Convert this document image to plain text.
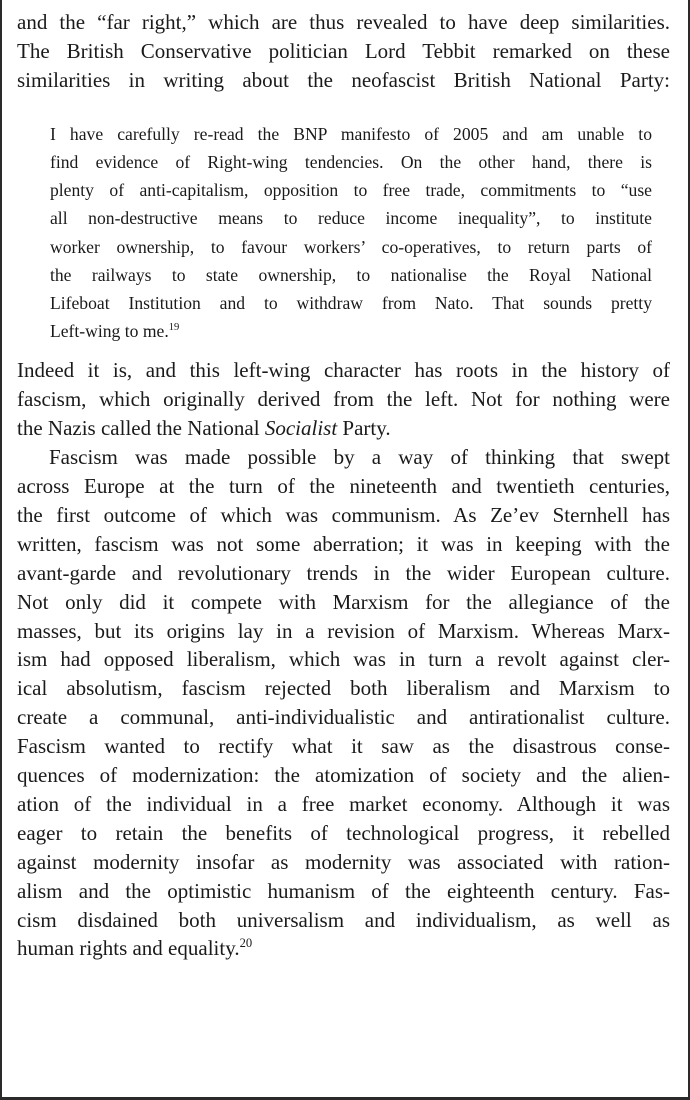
and the “far right,” which are thus revealed to have deep similarities.
The British Conservative politician Lord Tebbit remarked on these
similarities in writing about the neofascist British National Party:
I have carefully re-read the BNP manifesto of 2005 and am unable to
find evidence of Right-wing tendencies. On the other hand, there is
plenty of anti-capitalism, opposition to free trade, commitments to “use
all non-destructive means to reduce income inequality”, to institute
worker ownership, to favour workers’ co-operatives, to return parts of
the railways to state ownership, to nationalise the Royal National
Lifeboat Institution and to withdraw from Nato. That sounds pretty
Left-wing to me.$^{19}$
Indeed it is, and this left-wing character has roots in the history of
fascism, which originally derived from the left. Not for nothing were
the Nazis called the National Socialist Party.
Fascism was made possible by a way of thinking that swept
across Europe at the turn of the nineteenth and twentieth centuries,
the first outcome of which was communism. As Ze’ev Sternhell has
written, fascism was not some aberration; it was in keeping with the
avant-garde and revolutionary trends in the wider European culture.
Not only did it compete with Marxism for the allegiance of the
masses, but its origins lay in a revision of Marxism. Whereas Marx-
ism had opposed liberalism, which was in turn a revolt against cler-
ical absolutism, fascism rejected both liberalism and Marxism to
create a communal, anti-individualistic and antirationalist culture.
Fascism wanted to rectify what it saw as the disastrous conse-
quences of modernization: the atomization of society and the alien-
ation of the individual in a free market economy. Although it was
eager to retain the benefits of technological progress, it rebelled
against modernity insofar as modernity was associated with ration-
alism and the optimistic humanism of the eighteenth century. Fas-
cism disdained both universalism and individualism, as well as
human rights and equality.$^{20}$
